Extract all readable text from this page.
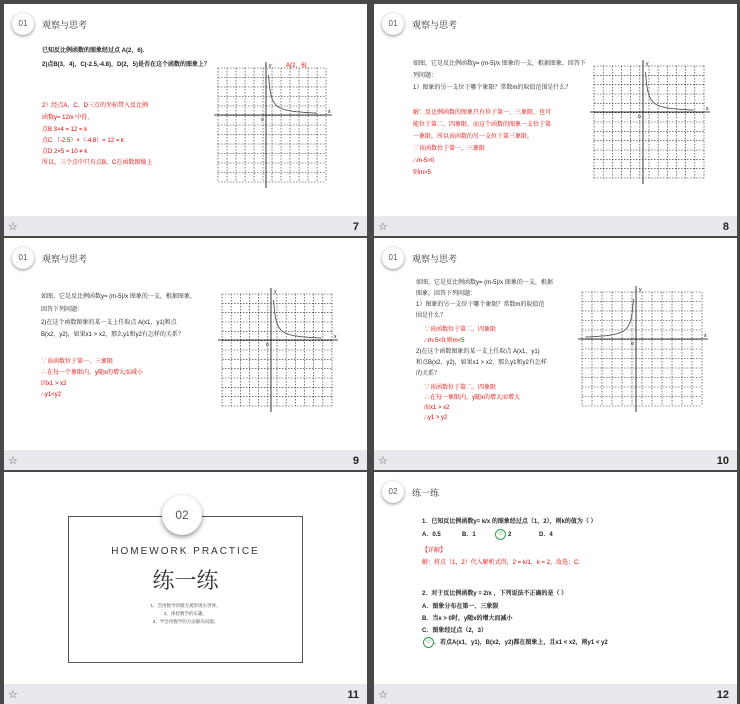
01	观察与思考
已知反比例函数的图象经过点 A(2，6)．
2)点B(3，4)，C(-2.5,-4.8)，D(2，5)是否在这个函数的图象上？
2）经点A、C、D三点的坐标带入反比例
函数y= 12/x 中得，
点B 3×4 = 12 = k
点C （-2.5）×（-4.8）= 12 = k
点D 2×5 = 10 ≠ k
所以，三个点中只有点B、C在函数图像上
y
x
o
A(2，6)
☆	7
01	观察与思考
如图，它是反比例函数y= (m-5)/x 图象的一支，根据图象，回答下
列问题：
1）图象的另一支位于哪个象限？常数m的取值范围是什么？
解：反比例函数的图象只有位于第一、三象限，也可
能位于第二、四象限，而这个函数的图象一支位于第
一象限，所以该函数的另一支位于第三象限。
∵该函数位于第一、三象限
∴m-5>0
则m>5
y
x
o
☆	8
01	观察与思考
如图，它是反比例函数y= (m-5)/x 图象的一支，根据图象，
回答下列问题：
2)在这个函数图象的某一支上任取点 A(x1，y1)和点
B(x2，y2)，如果x1 > x2，那么y1和y2有怎样的关系？
∵该函数位于第一、三象限
∴在每一个象限内，y随x的增大而减小
因x1 > x2
∴y1<y2
y
x
o
☆	9
01	观察与思考
如图，它是反比例函数y= (m-5)/x 图象的一支，根据
图象，回答下列问题：
1）图象的另一支位于哪个象限？常数m的取值范
围是什么？
∵该函数位于第二、四象限
∴m-5<0,则m<5
2)在这个函数图象的某一支上任取点 A(x1，y1)
和点B(x2，y2)，如果x1 > x2，那么y1和y2有怎样
的关系？
∵该函数位于第二、四象限
∴在每一象限内，y随x的增大而增大
而x1 > x2
∴y1 > y2
y
x
o
☆	10
02
HOMEWORK PRACTICE
练一练
1、会用数学的眼光观察现实世界。
2、体验数学的乐趣。
3、学会用数学的方法解决问题。
☆	11
02	练一练
1．已知反比例函数y= k/x 的图象经过点（1，2），则k的值为（ ）
A．0.5	B．1	☺ 2	D．4
【详解】
解：将点（1，2）代入解析式得，2 = k/1，k = 2，故选：C.
2．对于反比例函数y = 2/x ，下列说法不正确的是（ ）
A．图象分布在第一、三象限
B．当x > 0时，y随x的增大而减小
C．图象经过点（2，3）
☺ ．若点A(x1，y1)，B(x2，y2)都在图象上，且x1 < x2，则y1 < y2
☆	12
